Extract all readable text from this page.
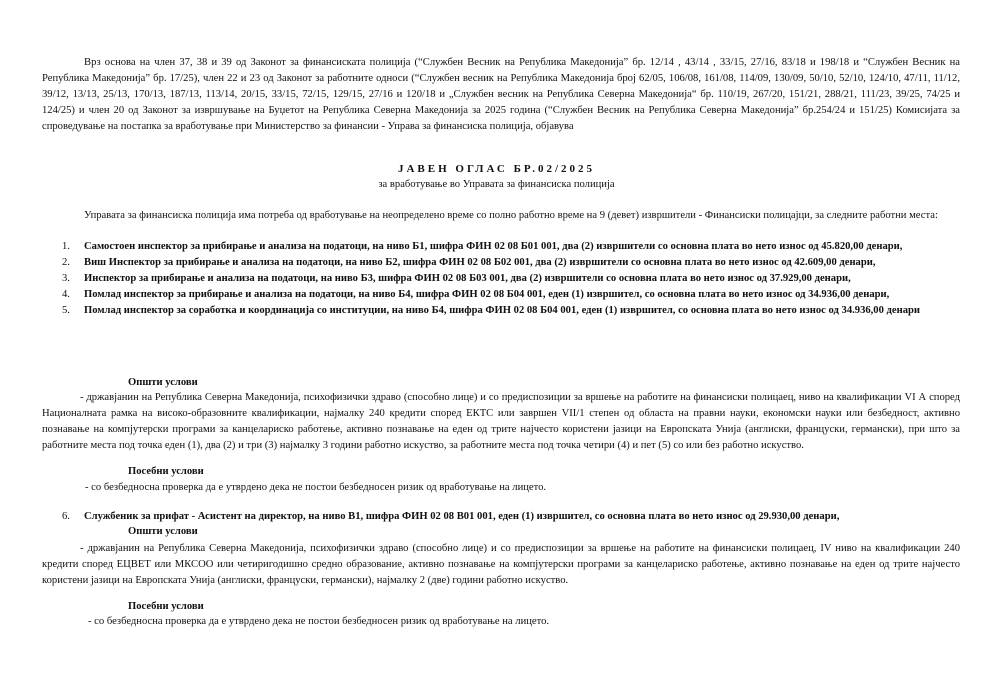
Врз основа на член 37, 38 и 39 од Законот за финансиската полиција (“Службен Весник на Република Македонија” бр. 12/14 , 43/14 , 33/15, 27/16, 83/18 и 198/18 и “Службен Весник на Република Македонија” бр. 17/25), член 22 и 23 од Законот за работните односи (“Службен весник на Република Македонија број 62/05, 106/08, 161/08, 114/09, 130/09, 50/10, 52/10, 124/10, 47/11, 11/12, 39/12, 13/13, 25/13, 170/13, 187/13, 113/14, 20/15, 33/15, 72/15, 129/15, 27/16 и 120/18 и „Службен весник на Република Северна Македонија“ бр. 110/19, 267/20, 151/21, 288/21, 111/23, 39/25, 74/25 и 124/25) и член 20 од Законот за извршување на Буџетот на Република Северна Македонија за 2025 година (“Службен Весник на Република Северна Македонија” бр.254/24 и 151/25) Комисијата за спроведување на постапка за вработување при Министерство за финансии - Управа за финансиска полиција, објавува

ЈАВЕН ОГЛАС БР.02/2025
за вработување во Управата за финансиска полиција

Управата за финансиска полиција има потреба од вработување на неопределено време со полно работно време на 9 (девет) извршители - Финансиски полицајци, за следните работни места:

1. Самостоен инспектор за прибирање и анализа на податоци, на ниво Б1, шифра ФИН 02 08 Б01 001, два (2) извршители со основна плата во нето износ од 45.820,00 денари,
2. Виш Инспектор за прибирање и анализа на податоци, на ниво Б2, шифра ФИН 02 08 Б02 001, два (2) извршители со основна плата во нето износ од 42.609,00 денари,
3. Инспектор за прибирање и анализа на податоци, на ниво Б3, шифра ФИН 02 08 Б03 001, два (2) извршители со основна плата во нето износ од 37.929,00 денари,
4. Помлад инспектор за прибирање и анализа на податоци, на ниво Б4, шифра ФИН 02 08 Б04 001, еден (1) извршител, со основна плата во нето износ од 34.936,00 денари,
5. Помлад инспектор за соработка и координација со институции, на ниво Б4, шифра ФИН 02 08 Б04 001, еден (1) извршител, со основна плата во нето износ од 34.936,00 денари
Општи услови

- државјанин на Република Северна Македонија, психофизички здраво (способно лице) и со предиспозиции за вршење на работите на финансиски полицаец, ниво на квалификации VI А според Националната рамка на високо-образовните квалификации, најмалку 240 кредити според ЕКТС или завршен VII/1 степен од областа на правни науки, економски науки или безбедност, активно познавање на компјутерски програми за канцелариско работење, активно познавање на еден од трите најчесто користени јазици на Европската Унија (англиски, француски, германски), при што за работните места под точка еден (1), два (2) и три (3) најмалку 3 години работно искуство, за работните места под точка четири (4) и пет (5) со или без работно искуство.

Посебни услови

- со безбедносна проверка да е утврдено дека не постои безбедносен ризик од вработување на лицето.

6. Службеник за прифат - Асистент на директор, на ниво В1, шифра ФИН 02 08 В01 001, еден (1) извршител, со основна плата во нето износ од 29.930,00 денари,
Општи услови

- државјанин на Република Северна Македонија, психофизички здраво (способно лице) и со предиспозиции за вршење на работите на финансиски полицаец, IV ниво на квалификации 240 кредити според ЕЦВЕТ или МКСОО или четиригодишно средно образование, активно познавање на компјутерски програми за канцелариско работење, активно познавање на еден од трите најчесто користени јазици на Европската Унија (англиски, француски, германски), најмалку 2 (две) години работно искуство.

Посебни услови

- со безбедносна проверка да е утврдено дека не постои безбедносен ризик од вработување на лицето.
